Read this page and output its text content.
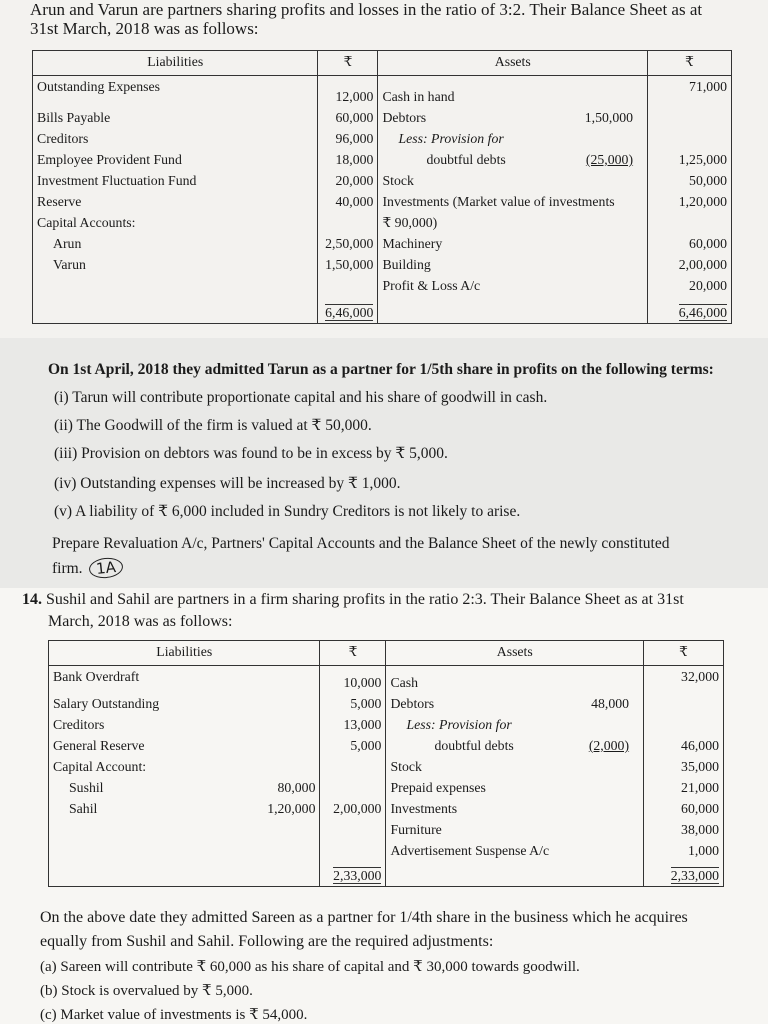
Arun and Varun are partners sharing profits and losses in the ratio of 3:2. Their Balance Sheet as at
31st March, 2018 was as follows:
Liabilities	₹	Assets	₹
Outstanding Expenses	12,000	Cash in hand	71,000
Bills Payable	60,000	Debtors 1,50,000	

Creditors	96,000	Less: Provision for	
Employee Provident Fund	18,000	doubtful debts (25,000)	1,25,000
Investment Fluctuation Fund	20,000	Stock	50,000
Reserve	40,000	Investments (Market value of investments	1,20,000
Capital Accounts:		₹ 90,000)	
Arun	2,50,000	Machinery	60,000
Varun	1,50,000	Building	2,00,000
		Profit & Loss A/c	20,000
	6,46,000		6,46,000
On 1st April, 2018 they admitted Tarun as a partner for 1/5th share in profits on the following terms:
(i) Tarun will contribute proportionate capital and his share of goodwill in cash.
(ii) The Goodwill of the firm is valued at ₹ 50,000.
(iii) Provision on debtors was found to be in excess by ₹ 5,000.
(iv) Outstanding expenses will be increased by ₹ 1,000.
(v) A liability of ₹ 6,000 included in Sundry Creditors is not likely to arise.
Prepare Revaluation A/c, Partners' Capital Accounts and the Balance Sheet of the newly constituted
firm. 1A
14. Sushil and Sahil are partners in a firm sharing profits in the ratio 2:3. Their Balance Sheet as at 31st
March, 2018 was as follows:
Liabilities	₹	Assets	₹
Bank Overdraft	10,000	Cash	32,000
Salary Outstanding	5,000	Debtors 48,000	

Creditors	13,000	Less: Provision for	
General Reserve	5,000	doubtful debts (2,000)	46,000
Capital Account:		Stock	35,000
Sushil 80,000		Prepaid expenses	21,000
Sahil 1,20,000	2,00,000	Investments	60,000
		Furniture	38,000
		Advertisement Suspense A/c	1,000
	2,33,000		2,33,000
On the above date they admitted Sareen as a partner for 1/4th share in the business which he acquires
equally from Sushil and Sahil. Following are the required adjustments:
(a) Sareen will contribute ₹ 60,000 as his share of capital and ₹ 30,000 towards goodwill.
(b) Stock is overvalued by ₹ 5,000.
(c) Market value of investments is ₹ 54,000.
